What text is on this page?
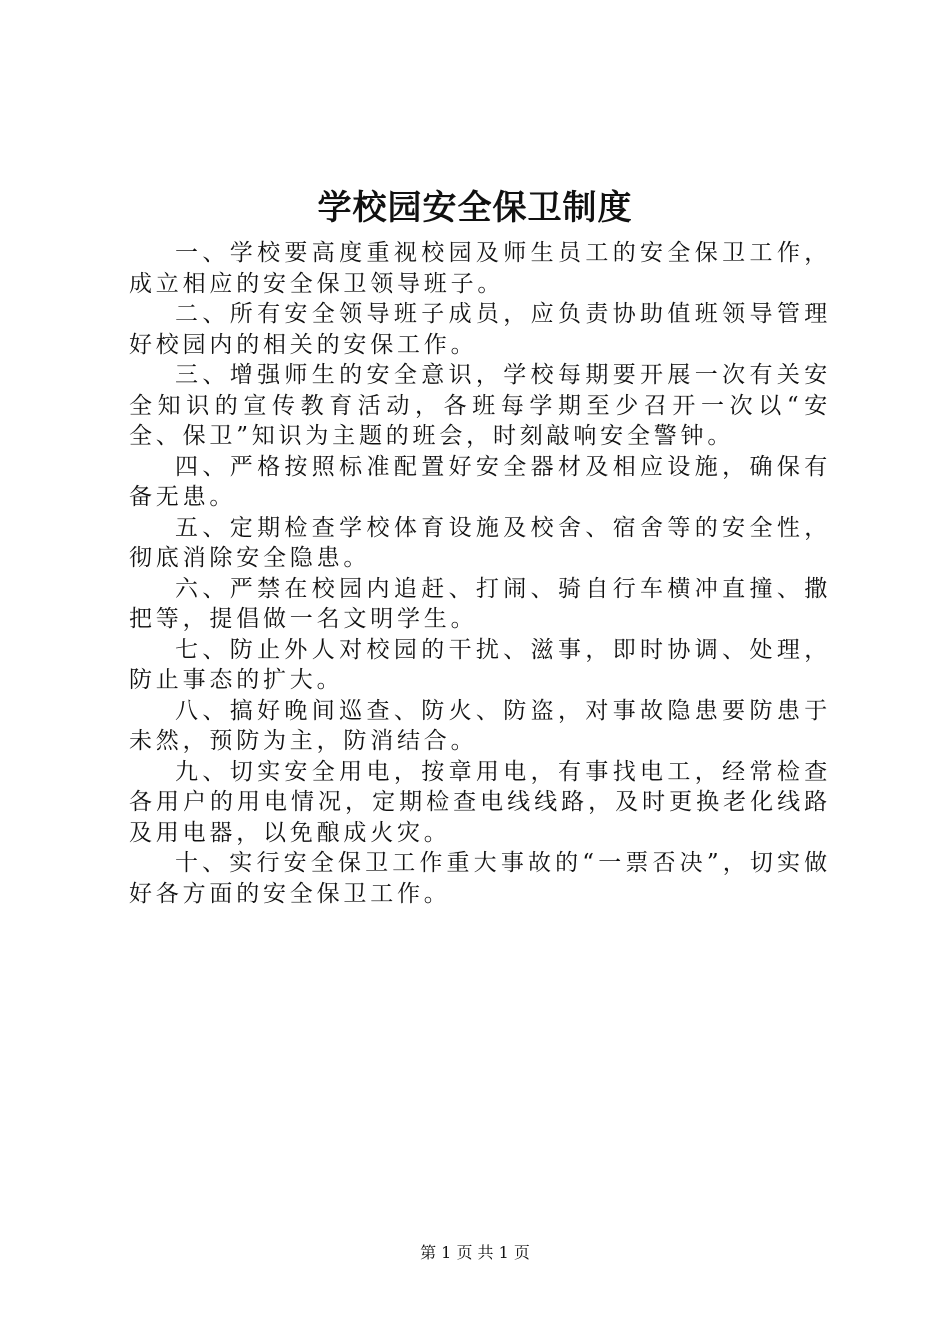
学校园安全保卫制度

一、学校要高度重视校园及师生员工的安全保卫工作，成立相应的安全保卫领导班子。

二、所有安全领导班子成员，应负责协助值班领导管理好校园内的相关的安保工作。

三、增强师生的安全意识，学校每期要开展一次有关安全知识的宣传教育活动，各班每学期至少召开一次以“安全、保卫”知识为主题的班会，时刻敲响安全警钟。

四、严格按照标准配置好安全器材及相应设施，确保有备无患。

五、定期检查学校体育设施及校舍、宿舍等的安全性，彻底消除安全隐患。

六、严禁在校园内追赶、打闹、骑自行车横冲直撞、撒把等，提倡做一名文明学生。

七、防止外人对校园的干扰、滋事，即时协调、处理，防止事态的扩大。

八、搞好晚间巡查、防火、防盗，对事故隐患要防患于未然，预防为主，防消结合。

九、切实安全用电，按章用电，有事找电工，经常检查各用户的用电情况，定期检查电线线路，及时更换老化线路及用电器，以免酿成火灾。

十、实行安全保卫工作重大事故的“一票否决”，切实做好各方面的安全保卫工作。

第 1 页 共 1 页
